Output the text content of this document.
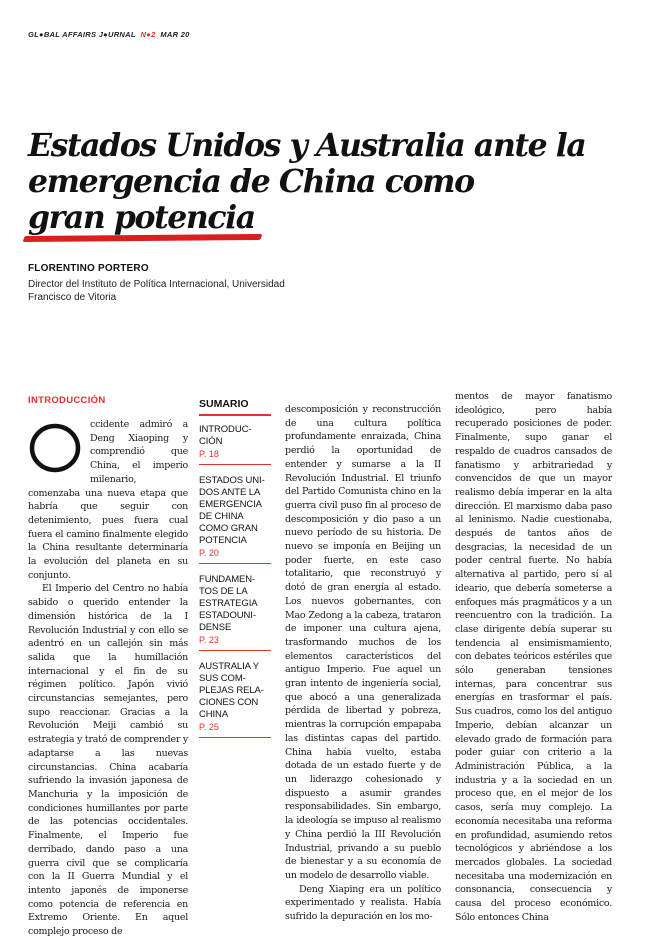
GL●BAL AFFAIRS J●URNAL N●2 MAR 20
Estados Unidos y Australia ante la emergencia de China como gran potencia
FLORENTINO PORTERO
Director del Instituto de Política Internacional, Universidad Francisco de Vitoria
INTRODUCCIÓN

ccidente admiró a Deng Xiaoping y comprendió que China, el imperio milenario, comenzaba una nueva etapa que habría que seguir con detenimiento, pues fuera cual fuera el camino finalmente elegido la China resultante determinaría la evolución del planeta en su conjunto.

El Imperio del Centro no había sabido o querido entender la dimensión histórica de la I Revolución Industrial y con ello se adentró en un callejón sin más salida que la humillación internacional y el fin de su régimen político. Japón vivió circunstancias semejantes, pero supo reaccionar. Gracias a la Revolución Meiji cambió su estrategia y trató de comprender y adaptarse a las nuevas circunstancias. China acabaría sufriendo la invasión japonesa de Manchuria y la imposición de condiciones humillantes por parte de las potencias occidentales. Finalmente, el Imperio fue derribado, dando paso a una guerra civil que se complicaría con la II Guerra Mundial y el intento japonés de imponerse como potencia de referencia en Extremo Oriente. En aquel complejo proceso de

SUMARIO
INTRODUC-CIÓN
P. 18
ESTADOS UNI-DOS ANTE LA EMERGENCIA DE CHINA COMO GRAN POTENCIA
P. 20
FUNDAMEN-TOS DE LA ESTRATEGIA ESTADOUNI-DENSE
P. 23
AUSTRALIA Y SUS COM-PLEJAS RELA-CIONES CON CHINA
P. 25

descomposición y reconstrucción de una cultura política profundamente enraizada, China perdió la oportunidad de entender y sumarse a la II Revolución Industrial. El triunfo del Partido Comunista chino en la guerra civil puso fin al proceso de descomposición y dio paso a un nuevo período de su historia. De nuevo se imponía en Beijing un poder fuerte, en este caso totalitario, que reconstruyó y dotó de gran energía al estado. Los nuevos gobernantes, con Mao Zedong a la cabeza, trataron de imponer una cultura ajena, trasformando muchos de los elementos característicos del antiguo Imperio. Fue aquel un gran intento de ingeniería social, que abocó a una generalizada pérdida de libertad y pobreza, mientras la corrupción empapaba las distintas capas del partido. China había vuelto, estaba dotada de un estado fuerte y de un liderazgo cohesionado y dispuesto a asumir grandes responsabilidades. Sin embargo, la ideología se impuso al realismo y China perdió la III Revolución Industrial, privando a su pueblo de bienestar y a su economía de un modelo de desarrollo viable.

Deng Xiaping era un político experimentado y realista. Había sufrido la depuración en los mo-

mentos de mayor fanatismo ideológico, pero había recuperado posiciones de poder. Finalmente, supo ganar el respaldo de cuadros cansados de fanatismo y arbitrariedad y convencidos de que un mayor realismo debía imperar en la alta dirección. El marxismo daba paso al leninismo. Nadie cuestionaba, después de tantos años de desgracias, la necesidad de un poder central fuerte. No había alternativa al partido, pero sí al ideario, que debería someterse a enfoques más pragmáticos y a un reencuentro con la tradición. La clase dirigente debía superar su tendencia al ensimismamiento, con debates teóricos estériles que sólo generaban tensiones internas, para concentrar sus energías en trasformar el país. Sus cuadros, como los del antiguo Imperio, debían alcanzar un elevado grado de formación para poder guiar con criterio a la Administración Pública, a la industria y a la sociedad en un proceso que, en el mejor de los casos, sería muy complejo. La economía necesitaba una reforma en profundidad, asumiendo retos tecnológicos y abriéndose a los mercados globales. La sociedad necesitaba una modernización en consonancia, consecuencia y causa del proceso económico. Sólo entonces China
